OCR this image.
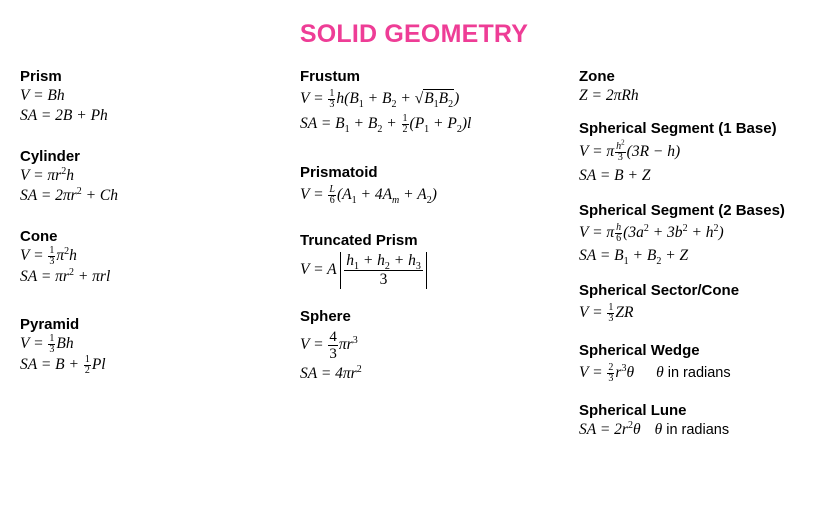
SOLID GEOMETRY
Prism
V = Bh
SA = 2B + Ph
Cylinder
$V = \pi r^2h$
SA = $2\pi r^2 + Ch$
Cone
$V = \frac{1}{3} \pi^2h$
SA = $\pi r^2 + \pi rl$
Pyramid
$V = \frac{1}{3}$ Bh
SA = $B + \frac{1}{2}$ Pl
Frustum
$V = \frac{1}{3} h(B_1 + B_2 + √B_1B_2)$
SA = $B_1 + B_2 + \frac{1}{2} (P_1 + P_2)l$
Prismatoid
$V = \frac{L}{6} (A_1 + 4A_m + A_2)$
Truncated Prism
V = A $\frac{h_1 + h_2 + h_3}{3}$
Sphere
$V = \frac{4}{3} \pi r^3$
SA = $4\pi r^2$
Zone
Z = 2πRh
Spherical Segment (1 Base)
V = π $\frac{h^2}{3} (3R - h)$
SA = B + Z
Spherical Segment (2 Bases)
V = π $\frac{h}{6} (3a^2 + 3b^2 + h^2)$
SA = $B_1 + B_2 + Z$
Spherical Sector/Cone
$V = \frac{1}{3}$ ZR
Spherical Wedge
$V = \frac{2}{3} r^3\theta$ θ in radians
Spherical Lune
SA = $2r^2\theta$ θ in radians
